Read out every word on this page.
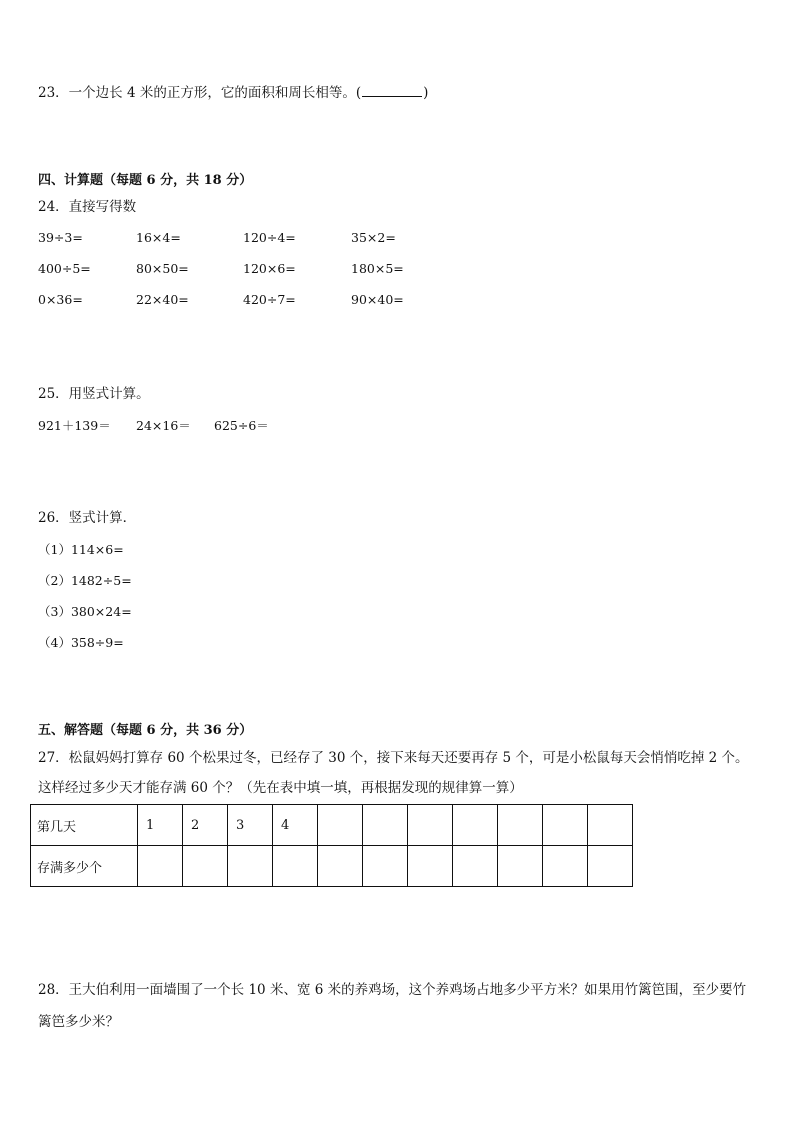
23．一个边长 4 米的正方形，它的面积和周长相等。(	)
四、计算题（每题 6 分，共 18 分）
24．直接写得数
39÷3=	16×4=	120÷4=	35×2=
400÷5=	80×50=	120×6=	180×5=
0×36=	22×40=	420÷7=	90×40=
25．用竖式计算。
921＋139＝ 24×16＝ 625÷6＝
26．竖式计算．
（1）114×6=
（2）1482÷5=
（3）380×24=
（4）358÷9=
五、解答题（每题 6 分，共 36 分）
27．松鼠妈妈打算存 60 个松果过冬，已经存了 30 个，接下来每天还要再存 5 个，可是小松鼠每天会悄悄吃掉 2 个。
这样经过多少天才能存满 60 个？（先在表中填一填，再根据发现的规律算一算）
第几天	1	2	3	4							
存满多少个											
28．王大伯利用一面墙围了一个长 10 米、宽 6 米的养鸡场，这个养鸡场占地多少平方米？如果用竹篱笆围，至少要竹
篱笆多少米？
